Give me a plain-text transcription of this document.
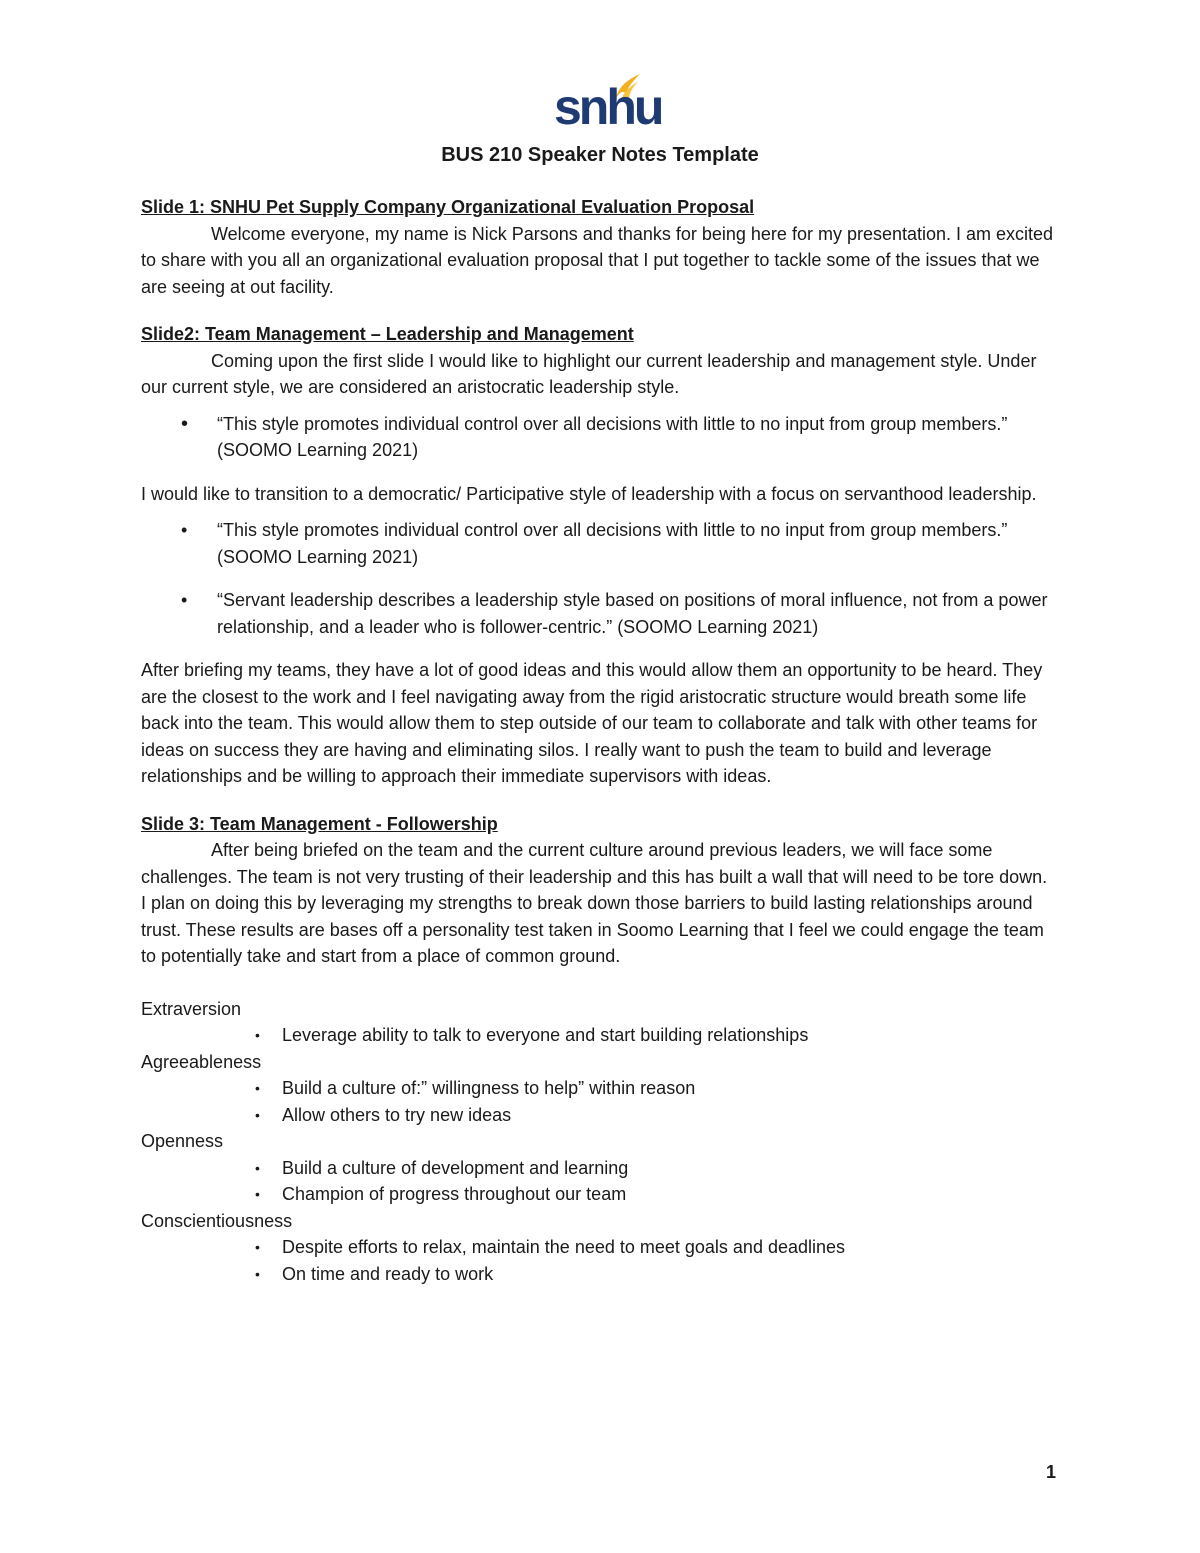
snhu
BUS 210 Speaker Notes Template

Slide 1: SNHU Pet Supply Company Organizational Evaluation Proposal

Welcome everyone, my name is Nick Parsons and thanks for being here for my presentation. I am excited to share with you all an organizational evaluation proposal that I put together to tackle some of the issues that we are seeing at out facility.

Slide2: Team Management – Leadership and Management

Coming upon the first slide I would like to highlight our current leadership and management style. Under our current style, we are considered an aristocratic leadership style.

• “This style promotes individual control over all decisions with little to no input from group members.” (SOOMO Learning 2021)

I would like to transition to a democratic/ Participative style of leadership with a focus on servanthood leadership.

• “This style promotes individual control over all decisions with little to no input from group members.” (SOOMO Learning 2021)
• “Servant leadership describes a leadership style based on positions of moral influence, not from a power relationship, and a leader who is follower-centric.” (SOOMO Learning 2021)

After briefing my teams, they have a lot of good ideas and this would allow them an opportunity to be heard. They are the closest to the work and I feel navigating away from the rigid aristocratic structure would breath some life back into the team. This would allow them to step outside of our team to collaborate and talk with other teams for ideas on success they are having and eliminating silos. I really want to push the team to build and leverage relationships and be willing to approach their immediate supervisors with ideas.

Slide 3: Team Management - Followership

After being briefed on the team and the current culture around previous leaders, we will face some challenges. The team is not very trusting of their leadership and this has built a wall that will need to be tore down. I plan on doing this by leveraging my strengths to break down those barriers to build lasting relationships around trust. These results are bases off a personality test taken in Soomo Learning that I feel we could engage the team to potentially take and start from a place of common ground.

Extraversion

• Leverage ability to talk to everyone and start building relationships

Agreeableness

• Build a culture of:” willingness to help” within reason
• Allow others to try new ideas

Openness

• Build a culture of development and learning
• Champion of progress throughout our team

Conscientiousness

• Despite efforts to relax, maintain the need to meet goals and deadlines
• On time and ready to work
1
